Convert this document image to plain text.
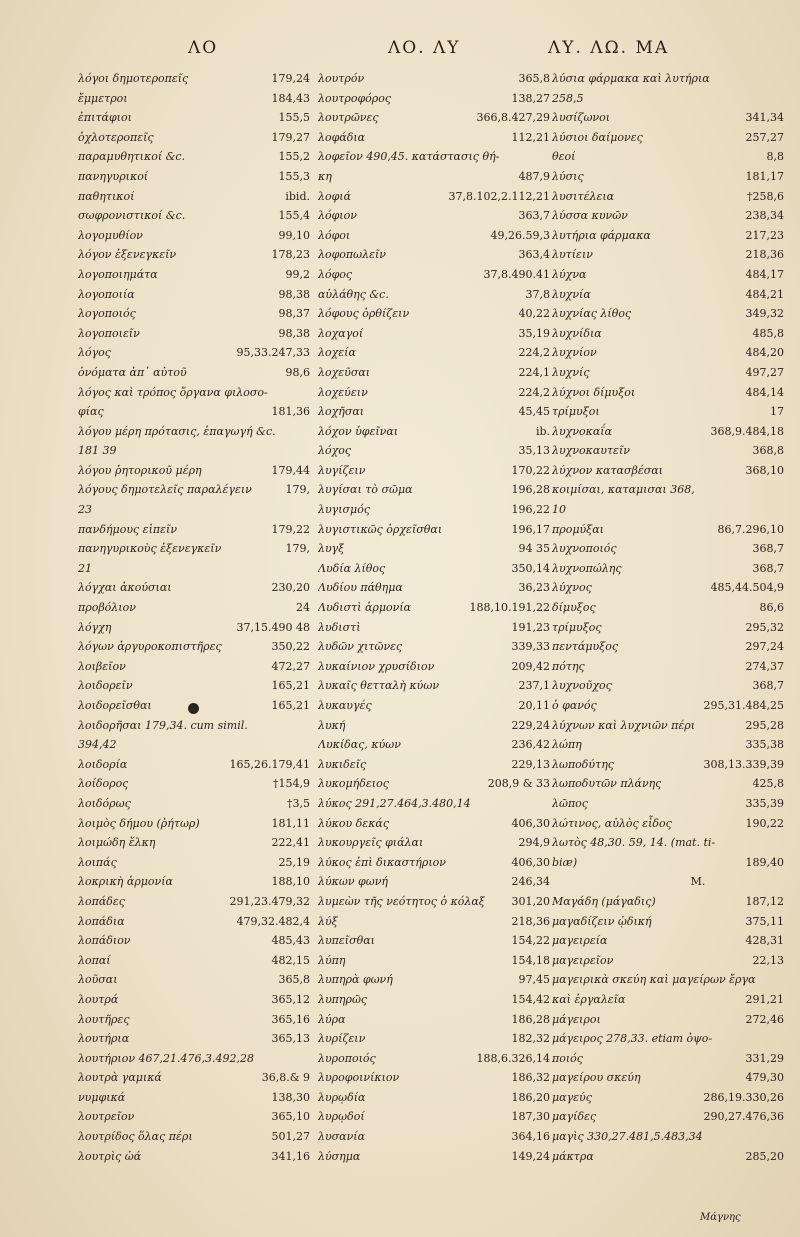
ΛΟ	ΛΟ. ΛΥ	ΛΥ. ΛΩ. ΜΑ
λόγοι δημοτεροπεῖς	179,24
ἔμμετροι	184,43
ἐπιτάφιοι	155,5
ὀχλοτεροπεῖς	179,27
παραμυθητικοί &c.	155,2
πανηγυρικοί	155,3
παθητικοί	ibid.
σωφρονιστικοί &c.	155,4
λογομυθίον	99,10
λόγον ἐξενεγκεῖν	178,23
λογοποιημάτα	99,2
λογοποιία	98,38
λογοποιός	98,37
λογοποιεῖν	98,38
λόγος	95,33.247,33
ὀνόματα ἀπ᾽ αὐτοῦ	98,6
λόγος καὶ τρόπος ὄργανα φιλοσο-
φίας	181,36
λόγου μέρη πρότασις, ἐπαγωγή &c.
181 39
λόγου ῥητορικοῦ μέρη	179,44
λόγους δημοτελεῖς παραλέγειν	179,
23
πανδήμους εἰπεῖν	179,22
πανηγυρικοὺς ἐξενεγκεῖν	179,
21
λόγχαι ἀκούσιαι	230,20
προβόλιον	24
λόγχη	37,15.490 48
λόγων ἀργυροκοπιστῆρες	350,22
λοιβεῖον	472,27
λοιδορεῖν	165,21
λοιδορεῖσθαι	165,21
λοιδορῆσαι 179,34. cum simil.
394,42
λοιδορία	165,26.179,41
λοίδορος	†154,9
λοιδόρως	†3,5
λοιμὸς δήμου (ῥήτωρ)	181,11
λοιμώδη ἕλκη	222,41
λοιπάς	25,19
λοκρικὴ ἁρμονία	188,10
λοπάδες	291,23.479,32
λοπάδια	479,32.482,4
λοπάδιον	485,43
λοπαί	482,15
λοῦσαι	365,8
λουτρά	365,12
λουτῆρες	365,16
λουτήρια	365,13
λουτήριον 467,21.476,3.492,28
λουτρὰ γαμικά	36,8.& 9
νυμφικά	138,30
λουτρεῖον	365,10
λουτρίδος ὅλας πέρι	501,27
λουτρὶς ὠά	341,16
λουτρόν	365,8
λουτροφόρος	138,27
λουτρῶνες	366,8.427,29
λοφάδια	112,21
λοφεῖον 490,45. κατάστασις θή-
κη	487,9
λοφιά	37,8.102,2.112,21
λόφιον	363,7
λόφοι	49,26.59,3
λοφοπωλεῖν	363,4
λόφος	37,8.490.41
αὐλάθης &c.	37,8
λόφους ὀρθίζειν	40,22
λοχαγοί	35,19
λοχεία	224,2
λοχεῦσαι	224,1
λοχεύειν	224,2
λοχῆσαι	45,45
λόχον ὑφεῖναι	ib.
λόχος	35,13
λυγίζειν	170,22
λυγίσαι τὸ σῶμα	196,28
λυγισμός	196,22
λυγιστικῶς ὀρχεῖσθαι	196,17
λυγξ	94 35
Λυδία λίθος	350,14
Λυδίου πάθημα	36,23
Λυδιστὶ ἁρμονία	188,10.191,22
λυδιστὶ	191,23
λυδῶν χιτῶνες	339,33
λυκαίνιον χρυσίδιον	209,42
λυκαῖς θετταλὴ κύων	237,1
λυκαυγές	20,11
λυκή	229,24
Λυκίδας, κύων	236,42
λυκιδεῖς	229,13
λυκομήδειος	208,9 & 33
λύκος 291,27.464,3.480,14
λύκου δεκάς	406,30
λυκουργεῖς φιάλαι	294,9
λύκος ἐπὶ δικαστήριον	406,30
λύκων φωνή	246,34
λυμεὼν τῆς νεότητος ὁ κόλαξ	301,20
λύξ	218,36
λυπεῖσθαι	154,22
λύπη	154,18
λυπηρὰ φωνή	97,45
λυπηρῶς	154,42
λύρα	186,28
λυρίζειν	182,32
λυροποιός	188,6.326,14
λυροφοινίκιον	186,32
λυρῳδία	186,20
λυρῳδοί	187,30
λυσανία	364,16
λύσημα	149,24
λύσια φάρμακα καὶ λυτήρια
258,5
λυσίζωνοι	341,34
λύσιοι δαίμονες	257,27
θεοί	8,8
λύσις	181,17
λυσιτέλεια	†258,6
λύσσα κυνῶν	238,34
λυτήρια φάρμακα	217,23
λυτίειν	218,36
λύχνα	484,17
λυχνία	484,21
λυχνίας λίθος	349,32
λυχνίδια	485,8
λυχνίον	484,20
λυχνίς	497,27
λύχνοι δίμυξοι	484,14
τρίμυξοι	17
λυχνοκαΐα	368,9.484,18
λυχνοκαυτεῖν	368,8
λύχνον κατασβέσαι	368,10
κοιμίσαι, καταμισαι 368,
10
προμύξαι	86,7.296,10
λυχνοποιός	368,7
λυχνοπώλης	368,7
λύχνος	485,44.504,9
δίμυξος	86,6
τρίμυξος	295,32
πεντάμυξος	297,24
πότης	274,37
λυχνοῦχος	368,7
ὁ φανός	295,31.484,25
λύχνων καὶ λυχνιῶν πέρι	295,28
λώπη	335,38
λωποδύτης	308,13.339,39
λωποδυτῶν πλάνης	425,8
λῶπος	335,39
λώτινος, αὐλὸς εἶδος	190,22
λωτὸς 48,30. 59, 14. (mat. ti-
biæ)	189,40
M.
Μαγάδη (μάγαδις)	187,12
μαγαδίζειν ᾠδική	375,11
μαγειρεία	428,31
μαγειρεῖον	22,13
μαγειρικὰ σκεύη καὶ μαγείρων ἔργα
καὶ ἐργαλεῖα	291,21
μάγειροι	272,46
μάγειρος 278,33. etiam ὀψο-
ποιός	331,29
μαγείρου σκεύη	479,30
μαγεύς	286,19.330,26
μαγίδες	290,27.476,36
μαγὶς 330,27.481,5.483,34
μάκτρα	285,20
Μάγνης
